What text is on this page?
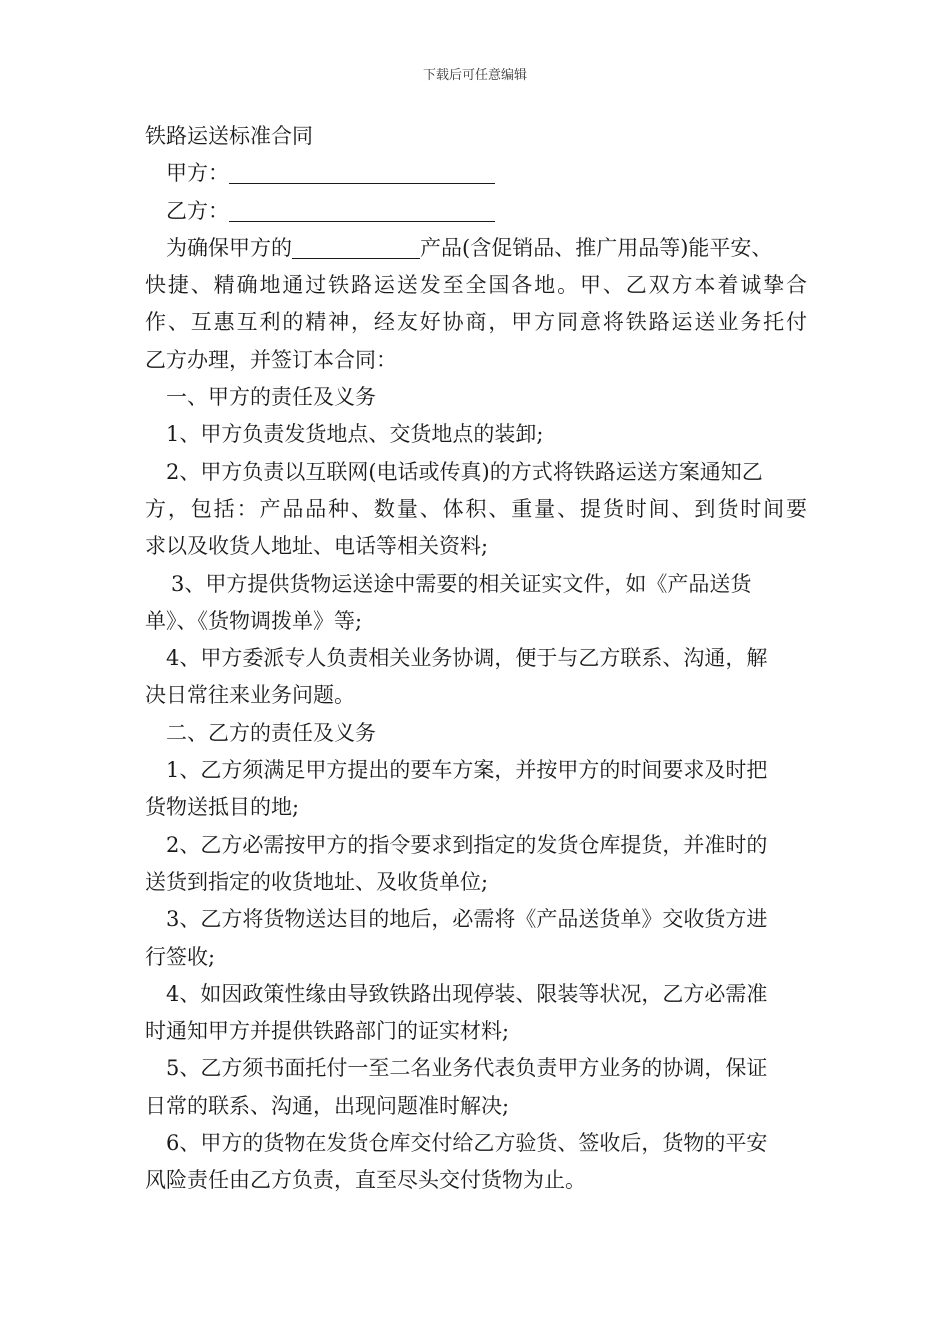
下载后可任意编辑
铁路运送标准合同
甲方：
乙方：
为确保甲方的	产品(含促销品、推广用品等)能平安、
快捷、精确地通过铁路运送发至全国各地。甲、乙双方本着诚挚合
作、互惠互利的精神，经友好协商，甲方同意将铁路运送业务托付
乙方办理，并签订本合同：
一、甲方的责任及义务
1、甲方负责发货地点、交货地点的装卸;
2、甲方负责以互联网(电话或传真)的方式将铁路运送方案通知乙
方，包括：产品品种、数量、体积、重量、提货时间、到货时间要
求以及收货人地址、电话等相关资料;
3、甲方提供货物运送途中需要的相关证实文件，如《产品送货
单》、《货物调拨单》等;
4、甲方委派专人负责相关业务协调，便于与乙方联系、沟通，解
决日常往来业务问题。
二、乙方的责任及义务
1、乙方须满足甲方提出的要车方案，并按甲方的时间要求及时把
货物送抵目的地;
2、乙方必需按甲方的指令要求到指定的发货仓库提货，并准时的
送货到指定的收货地址、及收货单位;
3、乙方将货物送达目的地后，必需将《产品送货单》交收货方进
行签收;
4、如因政策性缘由导致铁路出现停装、限装等状况，乙方必需准
时通知甲方并提供铁路部门的证实材料;
5、乙方须书面托付一至二名业务代表负责甲方业务的协调，保证
日常的联系、沟通，出现问题准时解决;
6、甲方的货物在发货仓库交付给乙方验货、签收后，货物的平安
风险责任由乙方负责，直至尽头交付货物为止。
